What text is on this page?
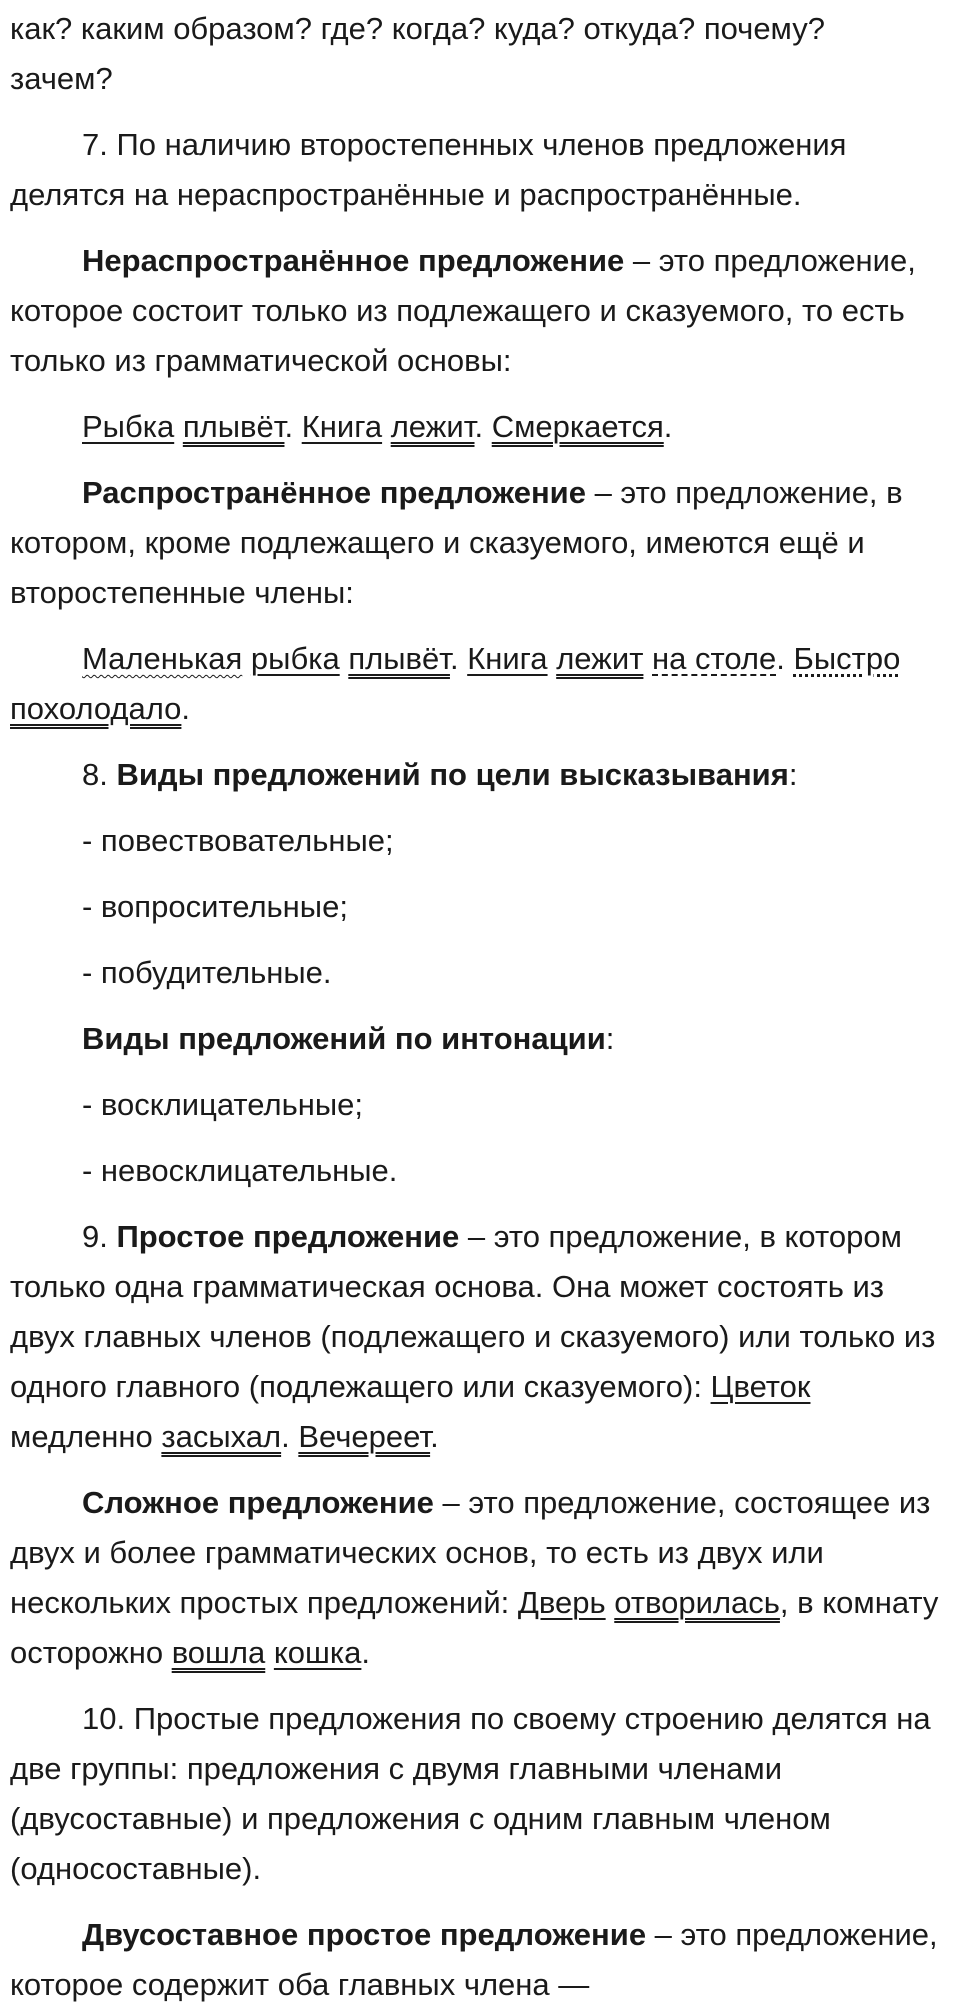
как? каким образом? где? когда? куда? откуда? почему?
зачем?

7. По наличию второстепенных членов предложения делятся на нераспространённые и распространённые.

Нераспространённое предложение – это предложение, которое состоит только из подлежащего и сказуемого, то есть только из грамматической основы:

Рыбка плывёт. Книга лежит. Смеркается.

Распространённое предложение – это предложение, в котором, кроме подлежащего и сказуемого, имеются ещё и второстепенные члены:

Маленькая рыбка плывёт. Книга лежит на столе. Быстро похолодало.

8. Виды предложений по цели высказывания:

- повествовательные;

- вопросительные;

- побудительные.

Виды предложений по интонации:

- восклицательные;

- невосклицательные.

9. Простое предложение – это предложение, в котором только одна грамматическая основа. Она может состоять из двух главных членов (подлежащего и сказуемого) или только из одного главного (подлежащего или сказуемого): Цветок медленно засыхал. Вечереет.

Сложное предложение – это предложение, состоящее из двух и более грамматических основ, то есть из двух или нескольких простых предложений: Дверь отворилась, в комнату осторожно вошла кошка.

10. Простые предложения по своему строению делятся на две группы: предложения с двумя главными членами (двусоставные) и предложения с одним главным членом (односоставные).

Двусоставное простое предложение – это предложение, которое содержит оба главных члена —
